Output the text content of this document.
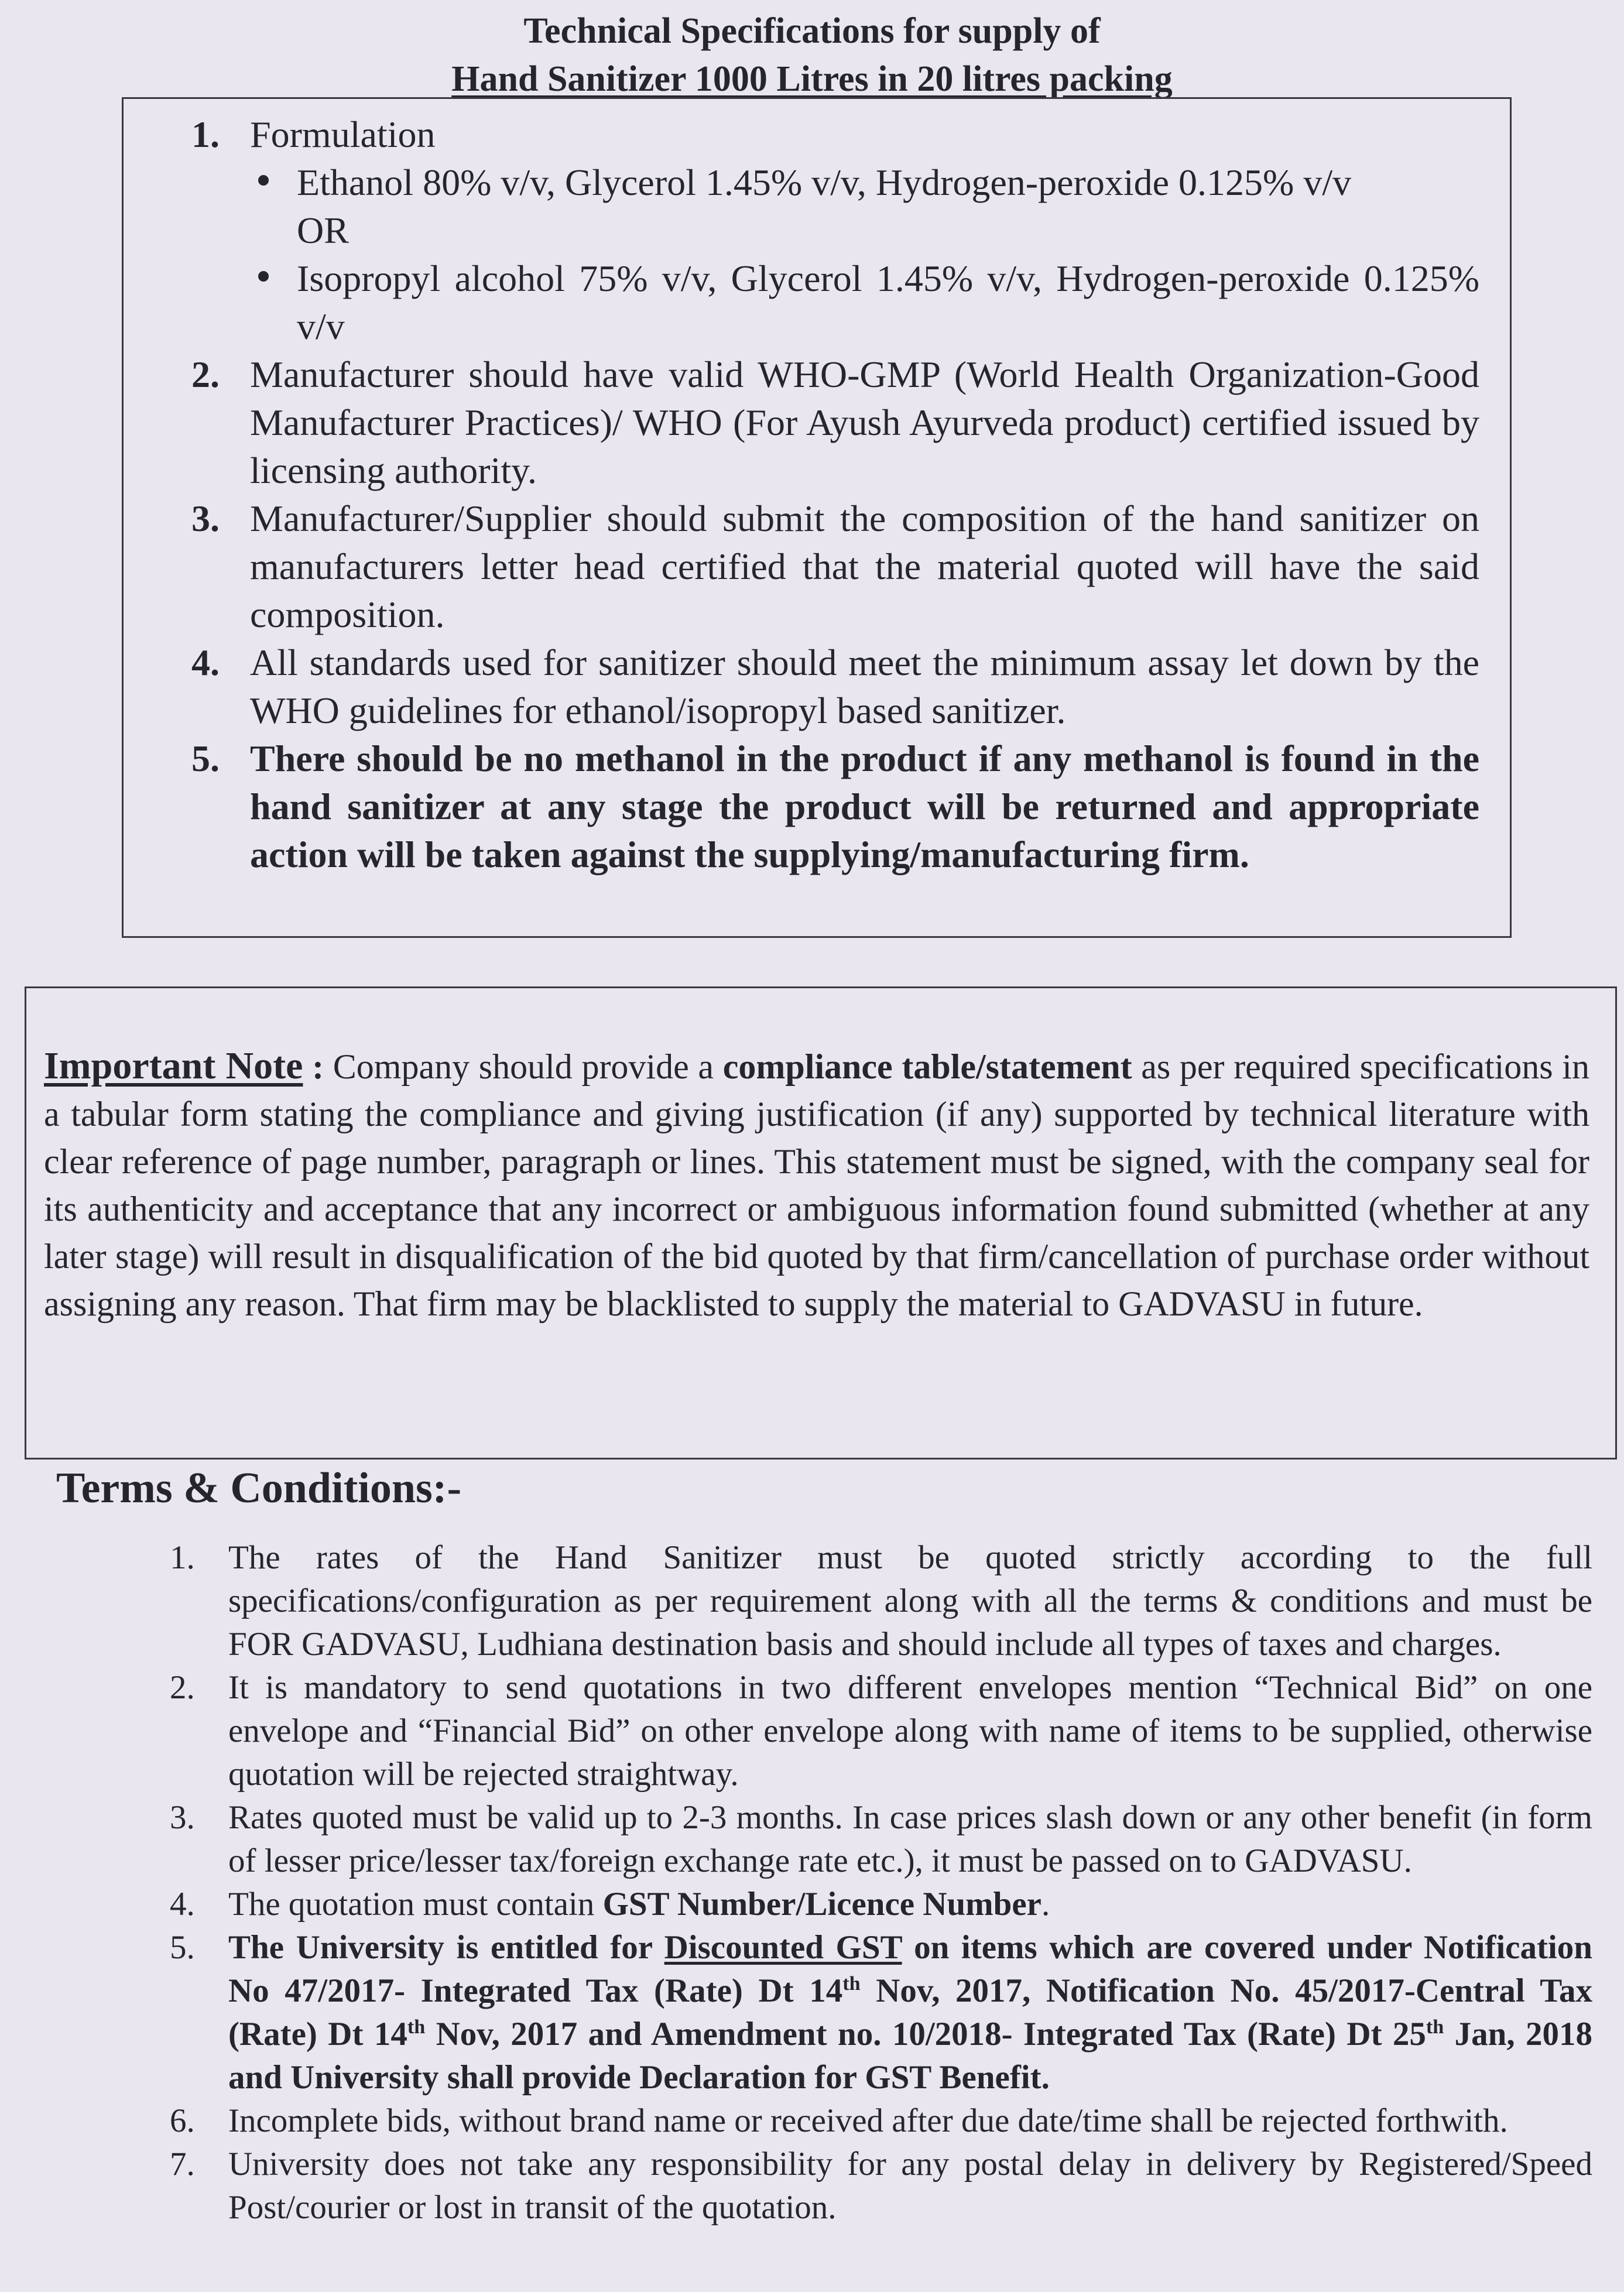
Technical Specifications for supply of
Hand Sanitizer 1000 Litres in 20 litres packing
1. Formulation
Ethanol 80% v/v, Glycerol 1.45% v/v, Hydrogen-peroxide 0.125% v/v
OR
Isopropyl alcohol 75% v/v, Glycerol 1.45% v/v, Hydrogen-peroxide 0.125% v/v
2. Manufacturer should have valid WHO-GMP (World Health Organization-Good Manufacturer Practices)/ WHO (For Ayush Ayurveda product) certified issued by licensing authority.
3. Manufacturer/Supplier should submit the composition of the hand sanitizer on manufacturers letter head certified that the material quoted will have the said composition.
4. All standards used for sanitizer should meet the minimum assay let down by the WHO guidelines for ethanol/isopropyl based sanitizer.
5. There should be no methanol in the product if any methanol is found in the hand sanitizer at any stage the product will be returned and appropriate action will be taken against the supplying/manufacturing firm.
Important Note : Company should provide a compliance table/statement as per required specifications in a tabular form stating the compliance and giving justification (if any) supported by technical literature with clear reference of page number, paragraph or lines. This statement must be signed, with the company seal for its authenticity and acceptance that any incorrect or ambiguous information found submitted (whether at any later stage) will result in disqualification of the bid quoted by that firm/cancellation of purchase order without assigning any reason. That firm may be blacklisted to supply the material to GADVASU in future.
Terms & Conditions:-
1.	The rates of the Hand Sanitizer must be quoted strictly according to the full specifications/configuration as per requirement along with all the terms & conditions and must be FOR GADVASU, Ludhiana destination basis and should include all types of taxes and charges.
2.	It is mandatory to send quotations in two different envelopes mention “Technical Bid” on one envelope and “Financial Bid” on other envelope along with name of items to be supplied, otherwise quotation will be rejected straightway.
3.	Rates quoted must be valid up to 2-3 months. In case prices slash down or any other benefit (in form of lesser price/lesser tax/foreign exchange rate etc.), it must be passed on to GADVASU.
4.	The quotation must contain GST Number/Licence Number.
5.	The University is entitled for Discounted GST on items which are covered under Notification No 47/2017- Integrated Tax (Rate) Dt 14th Nov, 2017, Notification No. 45/2017-Central Tax (Rate) Dt 14th Nov, 2017 and Amendment no. 10/2018- Integrated Tax (Rate) Dt 25th Jan, 2018 and University shall provide Declaration for GST Benefit.
6.	Incomplete bids, without brand name or received after due date/time shall be rejected forthwith.
7.	University does not take any responsibility for any postal delay in delivery by Registered/Speed Post/courier or lost in transit of the quotation.
